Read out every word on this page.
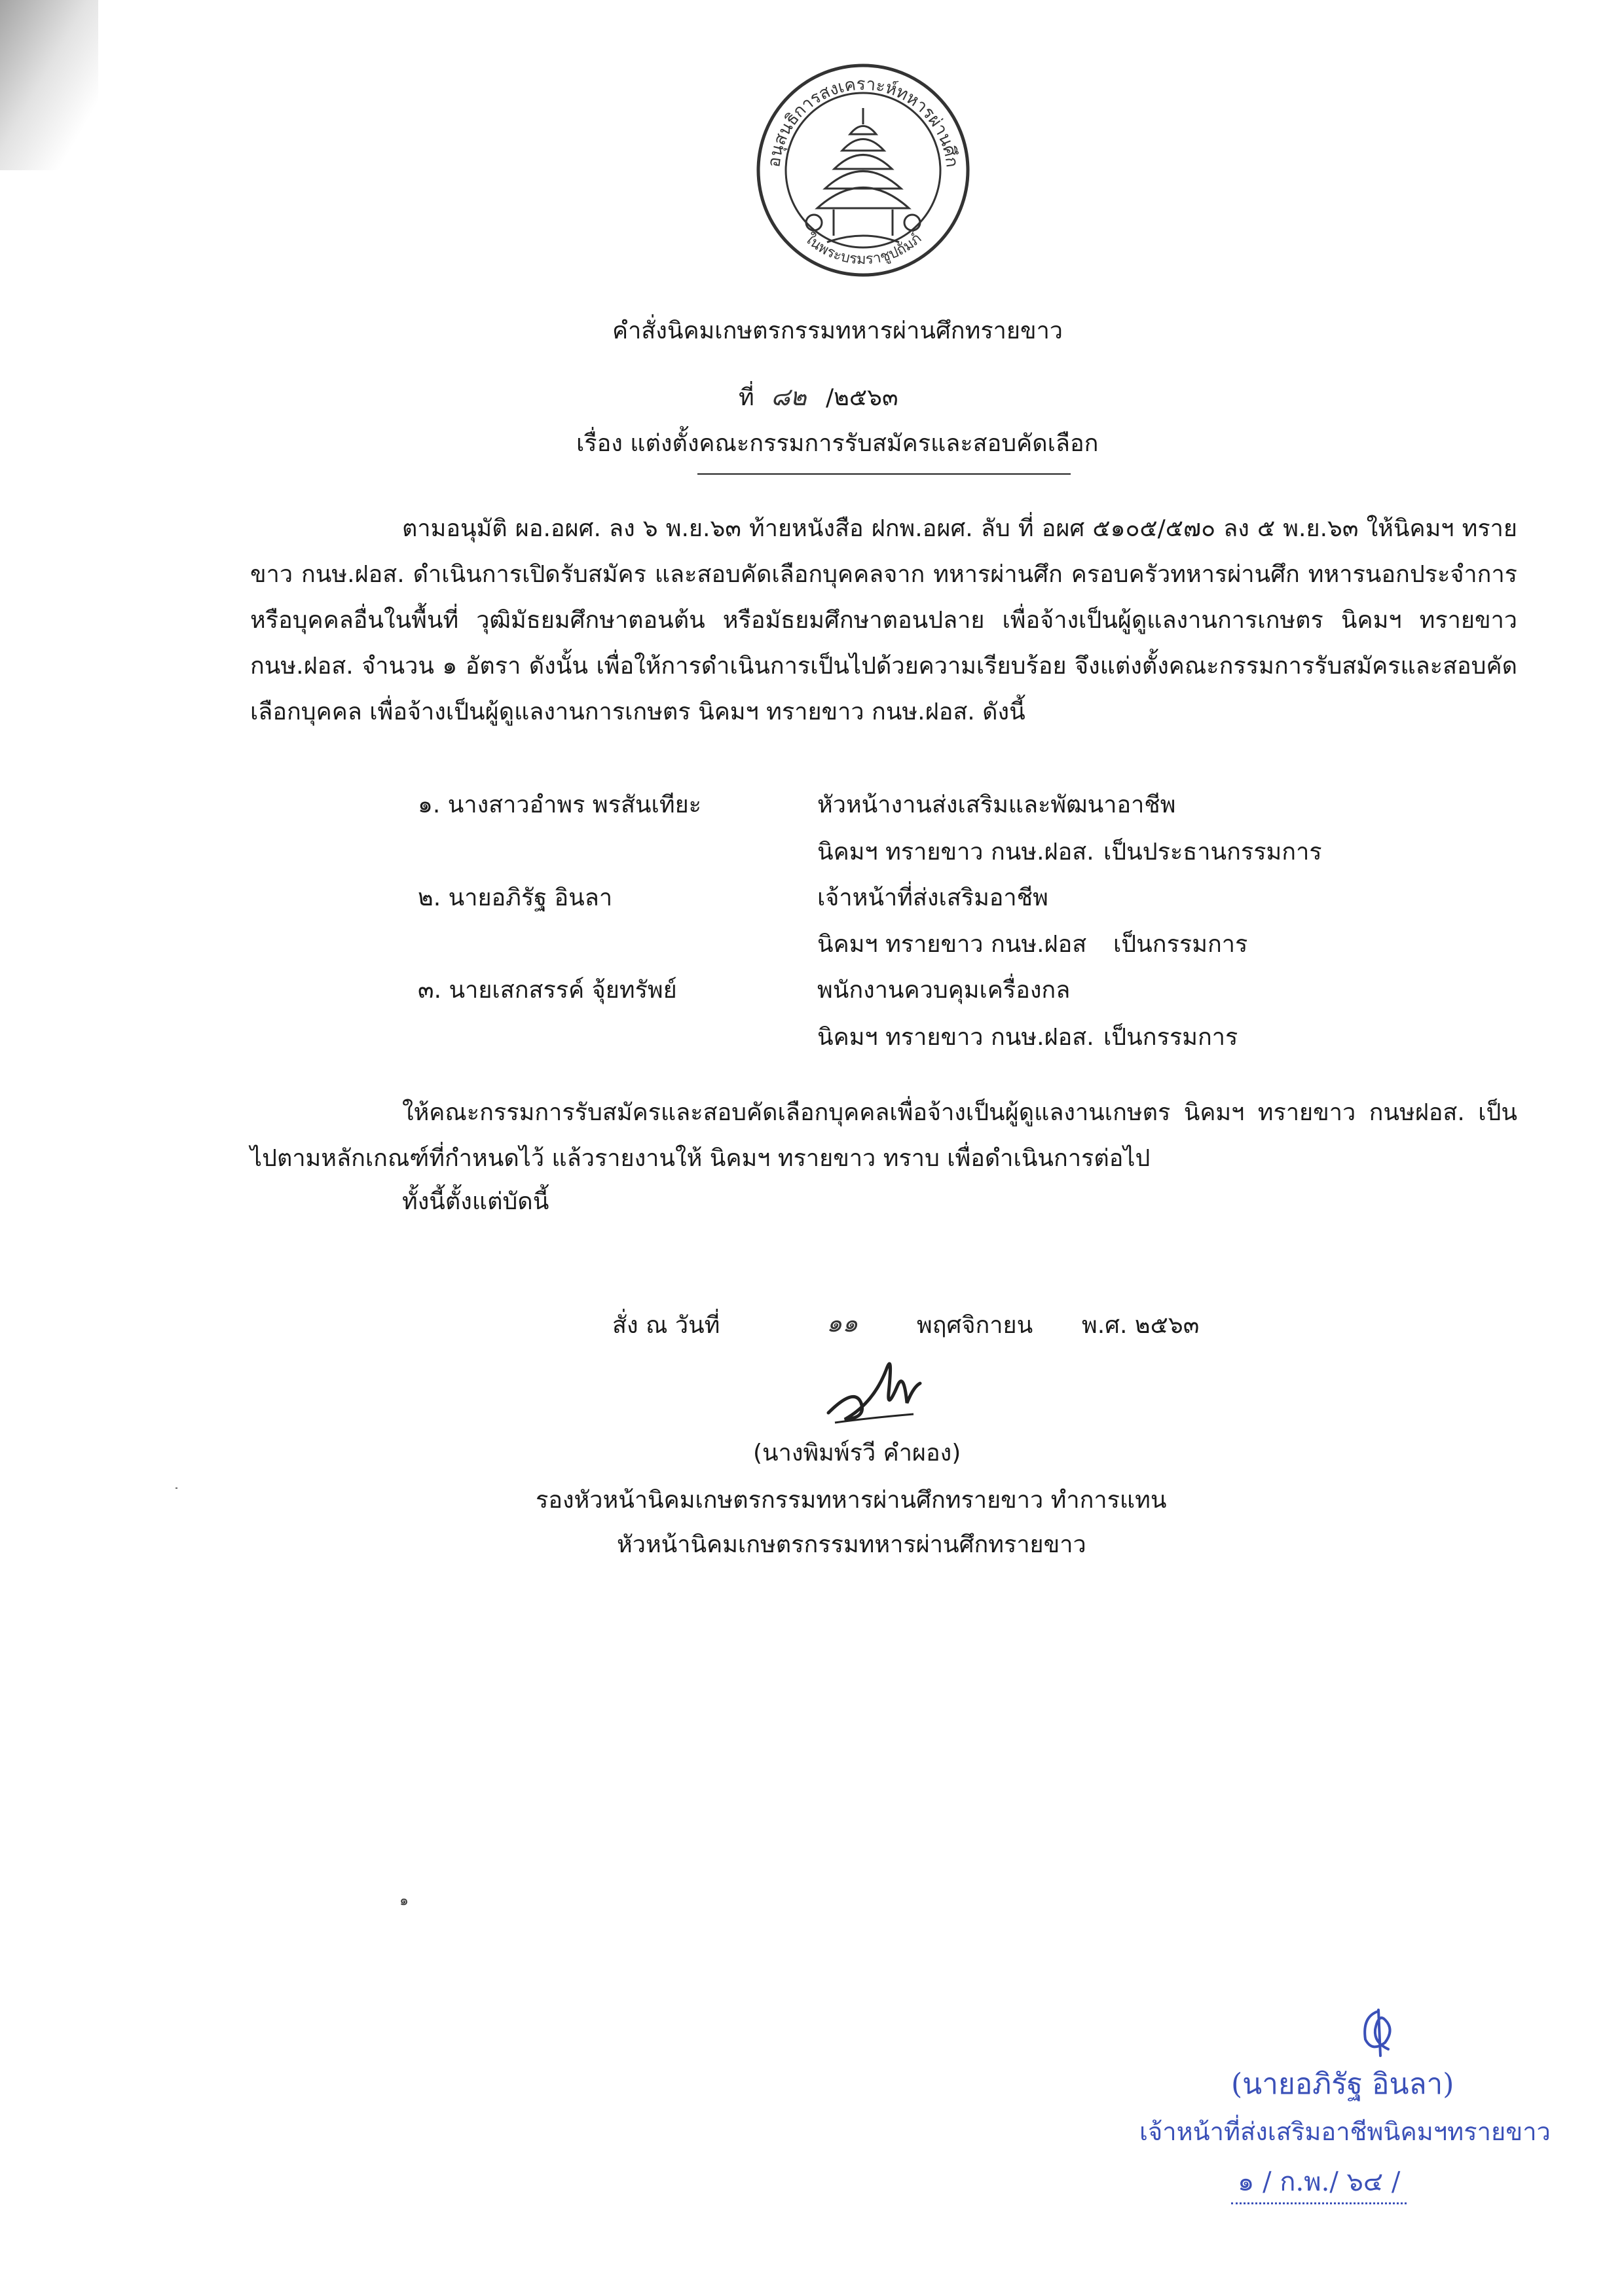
อนุสนธิการสงเคราะห์ทหารผ่านศึก
ในพระบรมราชูปถัมภ์
คำสั่งนิคมเกษตรกรรมทหารผ่านศึกทรายขาว
ที่ ๘๒ /๒๕๖๓
เรื่อง แต่งตั้งคณะกรรมการรับสมัครและสอบคัดเลือก
ตามอนุมัติ ผอ.อผศ. ลง ๖ พ.ย.๖๓ ท้ายหนังสือ ฝกพ.อผศ. ลับ ที่ อผศ ๕๑๐๕/๕๗๐ ลง ๕ พ.ย.๖๓ ให้นิคมฯ ทรายขาว กนษ.ฝอส. ดำเนินการเปิดรับสมัคร และสอบคัดเลือกบุคคลจาก ทหารผ่านศึก ครอบครัวทหารผ่านศึก ทหารนอกประจำการ หรือบุคคลอื่นในพื้นที่ วุฒิมัธยมศึกษาตอนต้น หรือมัธยมศึกษาตอนปลาย เพื่อจ้างเป็นผู้ดูแลงานการเกษตร นิคมฯ ทรายขาว กนษ.ฝอส. จำนวน ๑ อัตรา ดังนั้น เพื่อให้การดำเนินการเป็นไปด้วยความเรียบร้อย จึงแต่งตั้งคณะกรรมการรับสมัครและสอบคัดเลือกบุคคล เพื่อจ้างเป็นผู้ดูแลงานการเกษตร นิคมฯ ทรายขาว กนษ.ฝอส. ดังนี้
๑. นางสาวอำพร พรสันเทียะ	หัวหน้างานส่งเสริมและพัฒนาอาชีพ
นิคมฯ ทรายขาว กนษ.ฝอส. เป็นประธานกรรมการ
๒. นายอภิรัฐ อินลา	เจ้าหน้าที่ส่งเสริมอาชีพ
นิคมฯ ทรายขาว กนษ.ฝอส เป็นกรรมการ
๓. นายเสกสรรค์ จุ้ยทรัพย์	พนักงานควบคุมเครื่องกล
นิคมฯ ทรายขาว กนษ.ฝอส. เป็นกรรมการ
ให้คณะกรรมการรับสมัครและสอบคัดเลือกบุคคลเพื่อจ้างเป็นผู้ดูแลงานเกษตร นิคมฯ ทรายขาว กนษฝอส. เป็นไปตามหลักเกณฑ์ที่กำหนดไว้ แล้วรายงานให้ นิคมฯ ทรายขาว ทราบ เพื่อดำเนินการต่อไป
ทั้งนี้ตั้งแต่บัดนี้
สั่ง ณ วันที่	๑๑ พฤศจิกายน พ.ศ. ๒๕๖๓
(นางพิมพ์รวี คำผอง)
รองหัวหน้านิคมเกษตรกรรมทหารผ่านศึกทรายขาว ทำการแทน
หัวหน้านิคมเกษตรกรรมทหารผ่านศึกทรายขาว
๑
(นายอภิรัฐ อินลา)
เจ้าหน้าที่ส่งเสริมอาชีพนิคมฯทรายขาว
๑ / ก.พ./ ๖๔ /
